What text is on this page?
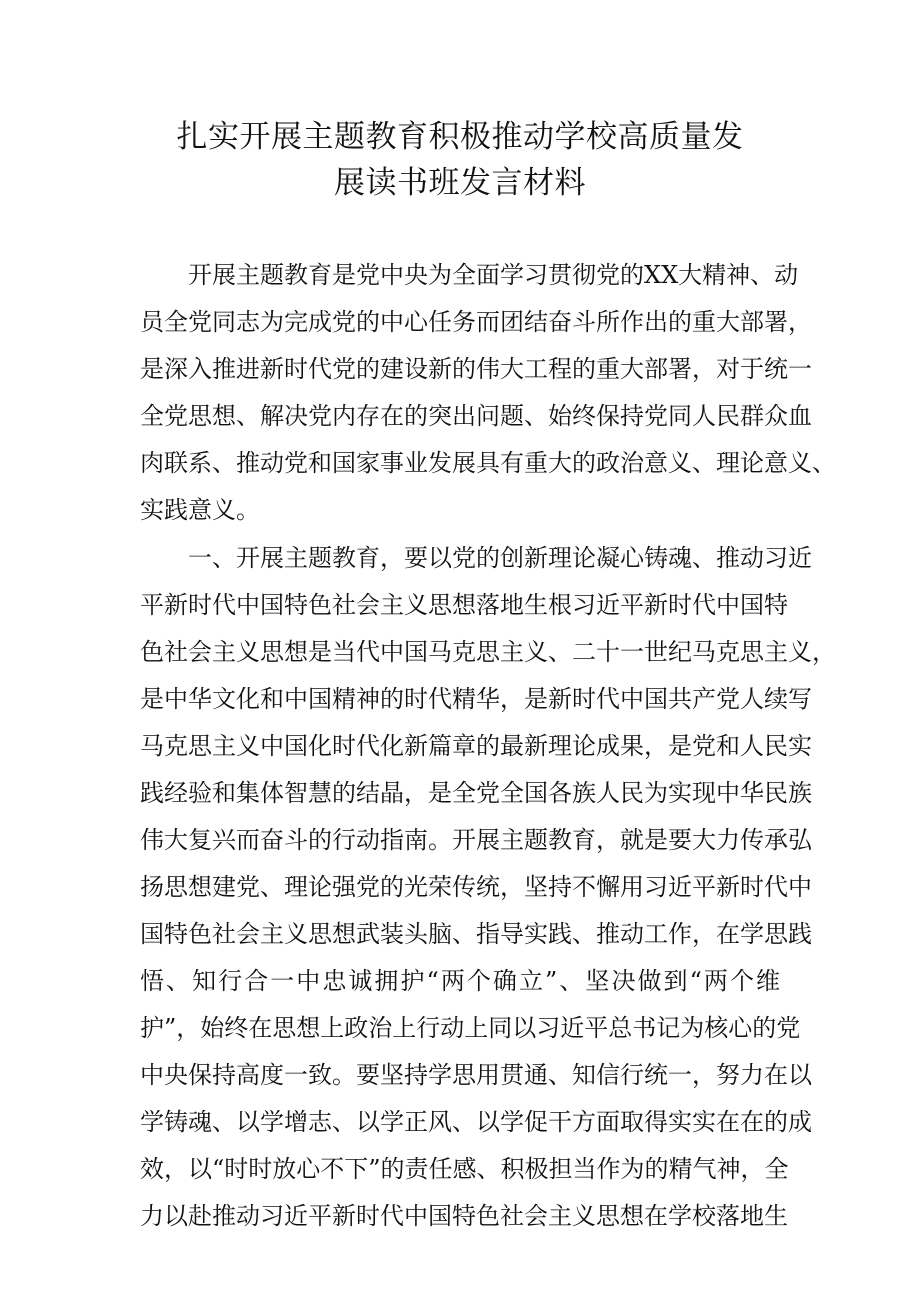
扎实开展主题教育积极推动学校高质量发
展读书班发言材料
开展主题教育是党中央为全面学习贯彻党的XX大精神、动
员全党同志为完成党的中心任务而团结奋斗所作出的重大部署，
是深入推进新时代党的建设新的伟大工程的重大部署，对于统一
全党思想、解决党内存在的突出问题、始终保持党同人民群众血
肉联系、推动党和国家事业发展具有重大的政治意义、理论意义、
实践意义。
一、开展主题教育，要以党的创新理论凝心铸魂、推动习近
平新时代中国特色社会主义思想落地生根习近平新时代中国特
色社会主义思想是当代中国马克思主义、二十一世纪马克思主义，
是中华文化和中国精神的时代精华，是新时代中国共产党人续写
马克思主义中国化时代化新篇章的最新理论成果，是党和人民实
践经验和集体智慧的结晶，是全党全国各族人民为实现中华民族
伟大复兴而奋斗的行动指南。开展主题教育，就是要大力传承弘
扬思想建党、理论强党的光荣传统，坚持不懈用习近平新时代中
国特色社会主义思想武装头脑、指导实践、推动工作，在学思践
悟、知行合一中忠诚拥护“两个确立”、坚决做到“两个维
护”，始终在思想上政治上行动上同以习近平总书记为核心的党
中央保持高度一致。要坚持学思用贯通、知信行统一，努力在以
学铸魂、以学增志、以学正风、以学促干方面取得实实在在的成
效，以“时时放心不下”的责任感、积极担当作为的精气神，全
力以赴推动习近平新时代中国特色社会主义思想在学校落地生
